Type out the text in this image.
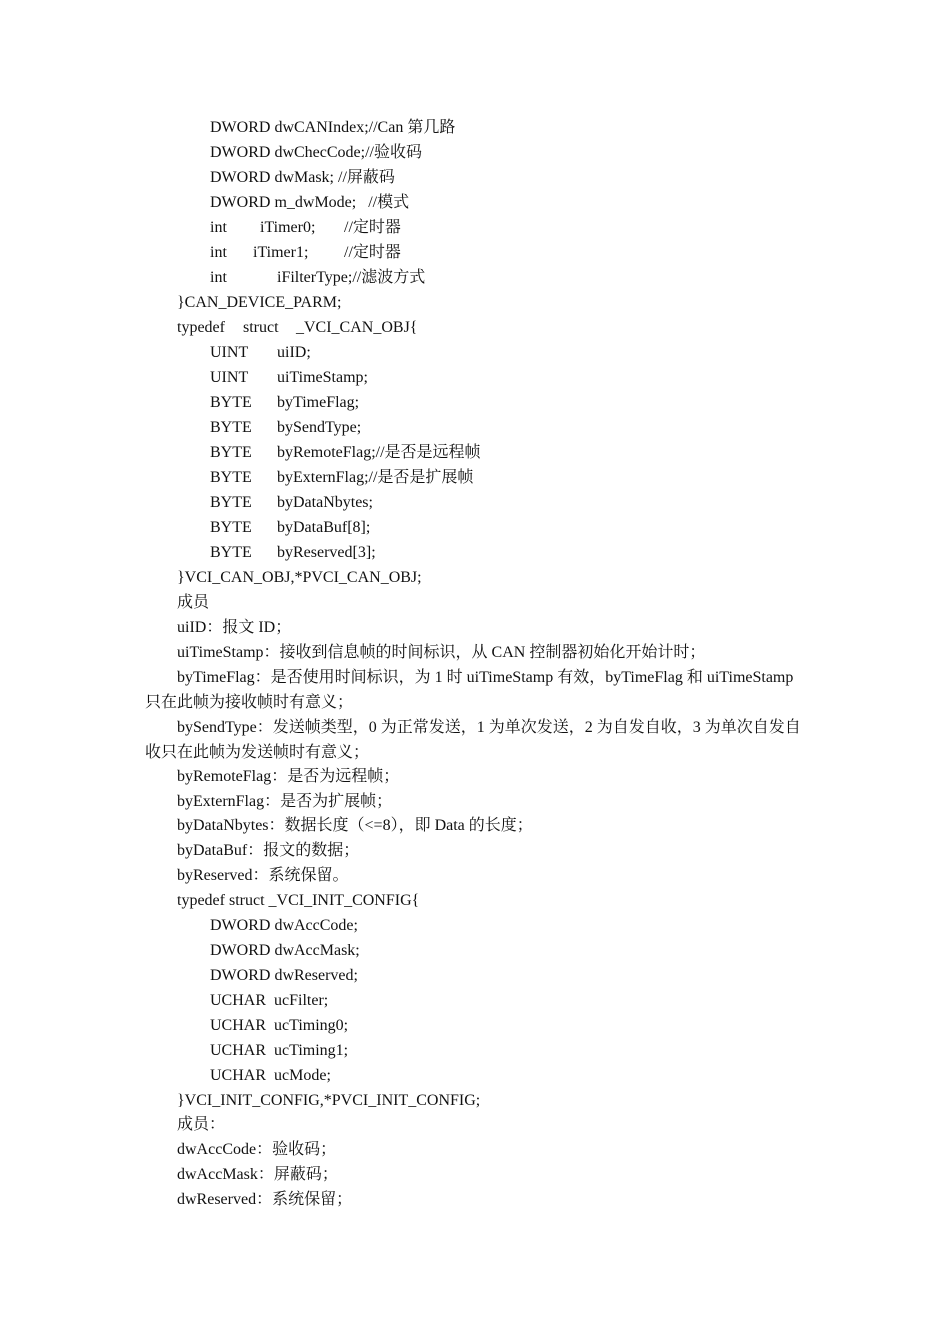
DWORD dwCANIndex;//Can 第几路
DWORD dwChecCode;//验收码
DWORD dwMask; //屏蔽码
DWORD m_dwMode;   //模式
int  iTimer0; //定时器
int  iTimer1; //定时器
int	iFilterType;//滤波方式
}CAN_DEVICE_PARM;
typedef struct _VCI_CAN_OBJ{
UINT uiID;
UINT uiTimeStamp;
BYTE byTimeFlag;
BYTE bySendType;
BYTE byRemoteFlag;//是否是远程帧
BYTE byExternFlag;//是否是扩展帧
BYTE byDataNbytes;
BYTE byDataBuf[8];
BYTE byReserved[3];
}VCI_CAN_OBJ,*PVCI_CAN_OBJ;
成员
uiID：报文 ID；
uiTimeStamp：接收到信息帧的时间标识，从 CAN 控制器初始化开始计时；
byTimeFlag：是否使用时间标识，为 1 时 uiTimeStamp 有效，byTimeFlag 和 uiTimeStamp 只在此帧为接收帧时有意义；
bySendType：发送帧类型，0 为正常发送，1 为单次发送，2 为自发自收，3 为单次自发自收只在此帧为发送帧时有意义；
byRemoteFlag：是否为远程帧；
byExternFlag：是否为扩展帧；
byDataNbytes：数据长度（<=8），即 Data 的长度；
byDataBuf：报文的数据；
byReserved：系统保留。
typedef struct _VCI_INIT_CONFIG{
DWORD dwAccCode;
DWORD dwAccMask;
DWORD dwReserved;
UCHAR  ucFilter;
UCHAR  ucTiming0;
UCHAR  ucTiming1;
UCHAR  ucMode;
}VCI_INIT_CONFIG,*PVCI_INIT_CONFIG;
成员：
dwAccCode：验收码；
dwAccMask：屏蔽码；
dwReserved：系统保留；
